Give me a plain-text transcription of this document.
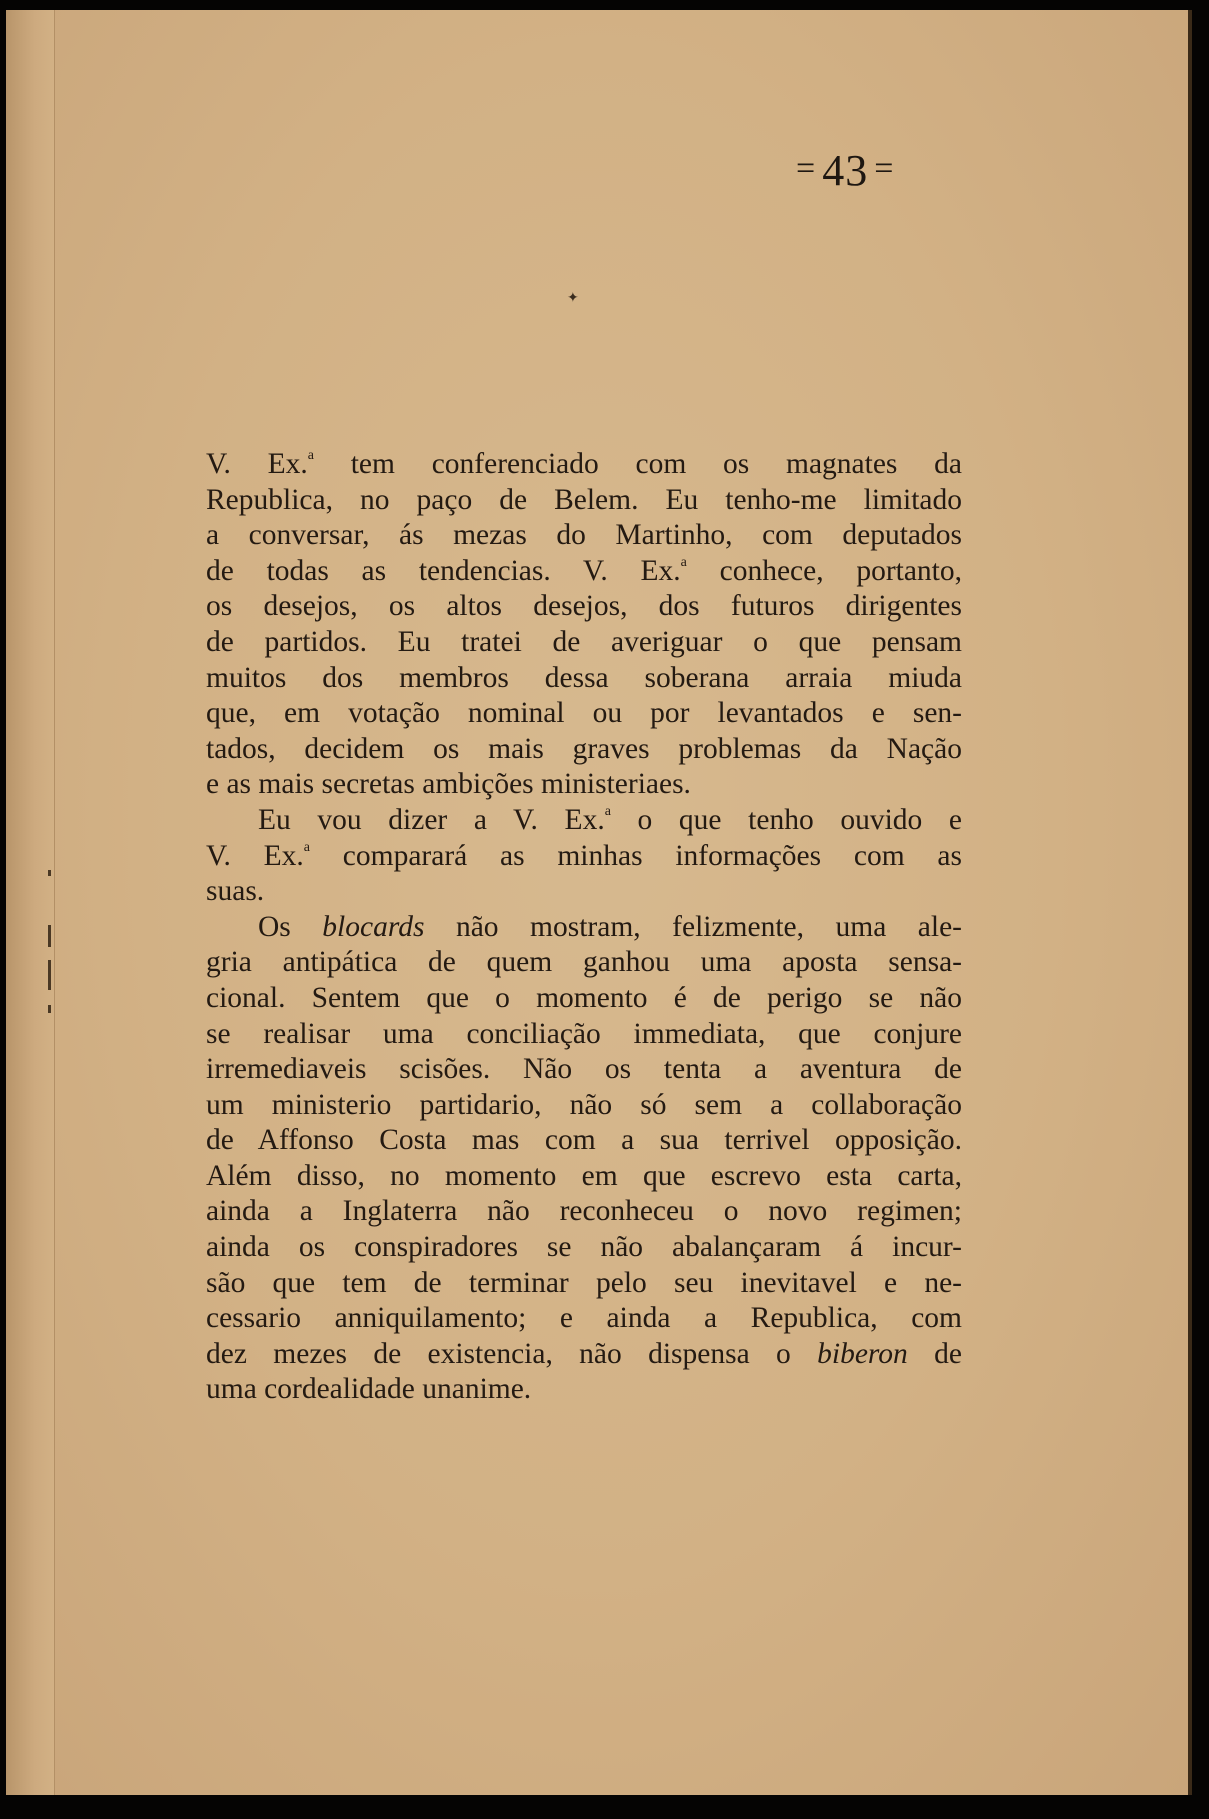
= 43 =
✦

V. Ex.$^a$ tem conferenciado com os magnates da
Republica, no paço de Belem. Eu tenho-me limitado
a conversar, ás mezas do Martinho, com deputados
de todas as tendencias. V. Ex.$^a$ conhece, portanto,
os desejos, os altos desejos, dos futuros dirigentes
de partidos. Eu tratei de averiguar o que pensam
muitos dos membros dessa soberana arraia miuda
que, em votação nominal ou por levantados e sen-
tados, decidem os mais graves problemas da Nação
e as mais secretas ambições ministeriaes.

Eu vou dizer a V. Ex.$^a$ o que tenho ouvido e
V. Ex.$^a$ comparará as minhas informações com as
suas.

Os blocards não mostram, felizmente, uma ale-
gria antipática de quem ganhou uma aposta sensa-
cional. Sentem que o momento é de perigo se não
se realisar uma conciliação immediata, que conjure
irremediaveis scisões. Não os tenta a aventura de
um ministerio partidario, não só sem a collaboração
de Affonso Costa mas com a sua terrivel opposição.
Além disso, no momento em que escrevo esta carta,
ainda a Inglaterra não reconheceu o novo regimen;
ainda os conspiradores se não abalançaram á incur-
são que tem de terminar pelo seu inevitavel e ne-
cessario anniquilamento; e ainda a Republica, com
dez mezes de existencia, não dispensa o biberon de
uma cordealidade unanime.
